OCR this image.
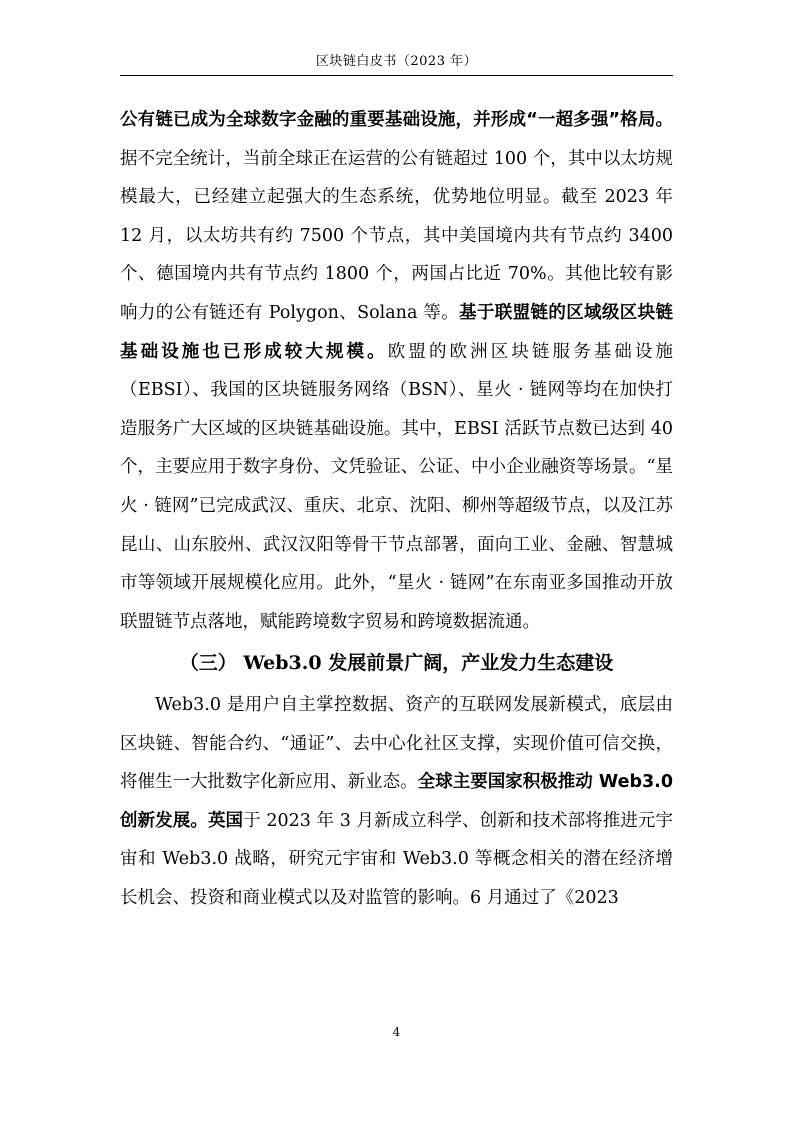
区块链白皮书（2023 年）

公有链已成为全球数字金融的重要基础设施，并形成“一超多强”格局。据不完全统计，当前全球正在运营的公有链超过 100 个，其中以太坊规模最大，已经建立起强大的生态系统，优势地位明显。截至 2023 年 12 月，以太坊共有约 7500 个节点，其中美国境内共有节点约 3400 个、德国境内共有节点约 1800 个，两国占比近 70%。其他比较有影响力的公有链还有 Polygon、Solana 等。基于联盟链的区域级区块链基础设施也已形成较大规模。欧盟的欧洲区块链服务基础设施（EBSI）、我国的区块链服务网络（BSN）、星火 · 链网等均在加快打造服务广大区域的区块链基础设施。其中，EBSI 活跃节点数已达到 40 个，主要应用于数字身份、文凭验证、公证、中小企业融资等场景。“星火 · 链网”已完成武汉、重庆、北京、沈阳、柳州等超级节点，以及江苏昆山、山东胶州、武汉汉阳等骨干节点部署，面向工业、金融、智慧城市等领域开展规模化应用。此外，“星火 · 链网”在东南亚多国推动开放联盟链节点落地，赋能跨境数字贸易和跨境数据流通。

（三） Web3.0 发展前景广阔，产业发力生态建设

Web3.0 是用户自主掌控数据、资产的互联网发展新模式，底层由区块链、智能合约、“通证”、去中心化社区支撑，实现价值可信交换，将催生一大批数字化新应用、新业态。全球主要国家积极推动 Web3.0 创新发展。英国于 2023 年 3 月新成立科学、创新和技术部将推进元宇宙和 Web3.0 战略，研究元宇宙和 Web3.0 等概念相关的潜在经济增长机会、投资和商业模式以及对监管的影响。6 月通过了《2023

4
